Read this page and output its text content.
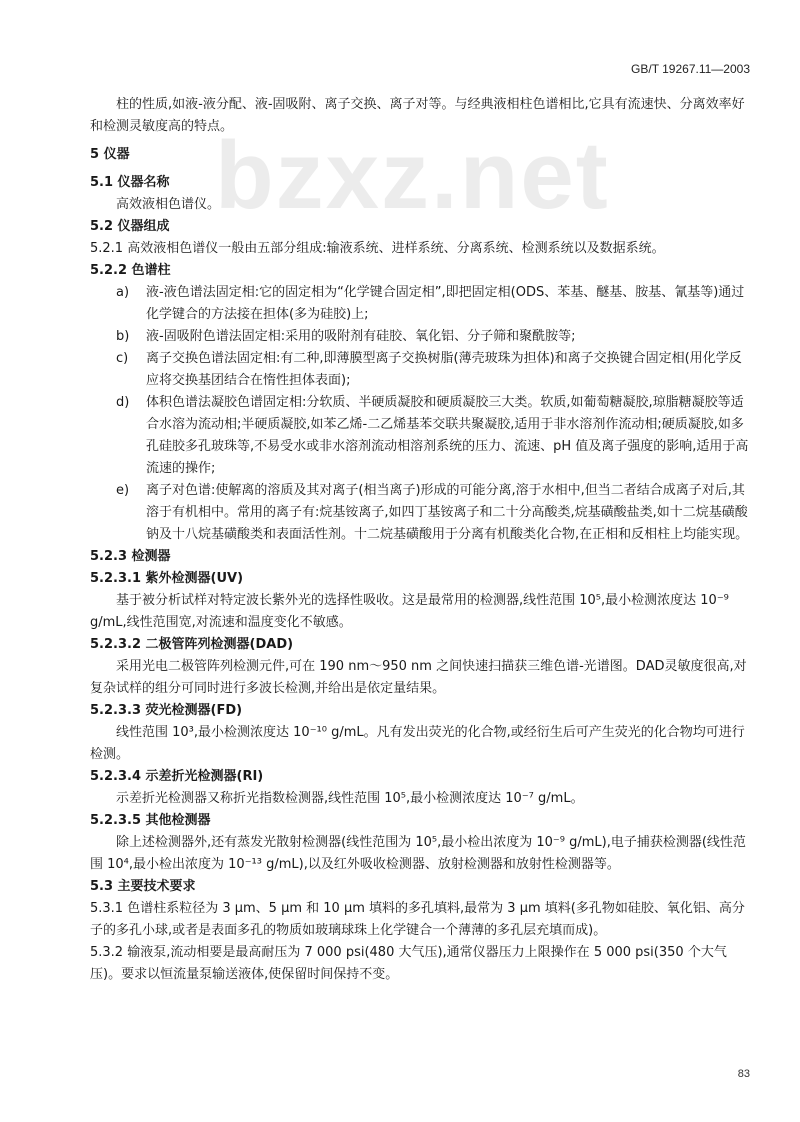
GB/T 19267.11—2003
bzxz.net

柱的性质,如液-液分配、液-固吸附、离子交换、离子对等。与经典液相柱色谱相比,它具有流速快、分离效率好和检测灵敏度高的特点。

5 仪器

5.1 仪器名称

高效液相色谱仪。

5.2 仪器组成

5.2.1 高效液相色谱仪一般由五部分组成:输液系统、进样系统、分离系统、检测系统以及数据系统。

5.2.2 色谱柱

a)	液-液色谱法固定相:它的固定相为“化学键合固定相”,即把固定相(ODS、苯基、醚基、胺基、氰基等)通过化学键合的方法接在担体(多为硅胶)上;
b)	液-固吸附色谱法固定相:采用的吸附剂有硅胶、氧化铝、分子筛和聚酰胺等;
c)	离子交换色谱法固定相:有二种,即薄膜型离子交换树脂(薄壳玻珠为担体)和离子交换键合固定相(用化学反应将交换基团结合在惰性担体表面);
d)	体积色谱法凝胶色谱固定相:分软质、半硬质凝胶和硬质凝胶三大类。软质,如葡萄糖凝胶,琼脂糖凝胶等适合水溶为流动相;半硬质凝胶,如苯乙烯-二乙烯基苯交联共聚凝胶,适用于非水溶剂作流动相;硬质凝胶,如多孔硅胶多孔玻珠等,不易受水或非水溶剂流动相溶剂系统的压力、流速、pH 值及离子强度的影响,适用于高流速的操作;
e)	离子对色谱:使解离的溶质及其对离子(相当离子)形成的可能分离,溶于水相中,但当二者结合成离子对后,其溶于有机相中。常用的离子有:烷基铵离子,如四丁基铵离子和二十分高酸类,烷基磺酸盐类,如十二烷基磺酸钠及十八烷基磺酸类和表面活性剂。十二烷基磺酸用于分离有机酸类化合物,在正相和反相柱上均能实现。

5.2.3 检测器

5.2.3.1 紫外检测器(UV)

基于被分析试样对特定波长紫外光的选择性吸收。这是最常用的检测器,线性范围 10⁵,最小检测浓度达 10⁻⁹ g/mL,线性范围宽,对流速和温度变化不敏感。

5.2.3.2 二极管阵列检测器(DAD)

采用光电二极管阵列检测元件,可在 190 nm～950 nm 之间快速扫描获三维色谱-光谱图。DAD灵敏度很高,对复杂试样的组分可同时进行多波长检测,并给出是依定量结果。

5.2.3.3 荧光检测器(FD)

线性范围 10³,最小检测浓度达 10⁻¹⁰ g/mL。凡有发出荧光的化合物,或经衍生后可产生荧光的化合物均可进行检测。

5.2.3.4 示差折光检测器(RI)

示差折光检测器又称折光指数检测器,线性范围 10⁵,最小检测浓度达 10⁻⁷ g/mL。

5.2.3.5 其他检测器

除上述检测器外,还有蒸发光散射检测器(线性范围为 10⁵,最小检出浓度为 10⁻⁹ g/mL),电子捕获检测器(线性范围 10⁴,最小检出浓度为 10⁻¹³ g/mL),以及红外吸收检测器、放射检测器和放射性检测器等。

5.3 主要技术要求

5.3.1 色谱柱系粒径为 3 μm、5 μm 和 10 μm 填料的多孔填料,最常为 3 μm 填料(多孔物如硅胶、氧化铝、高分子的多孔小球,或者是表面多孔的物质如玻璃球珠上化学键合一个薄薄的多孔层充填而成)。

5.3.2 输液泵,流动相要是最高耐压为 7 000 psi(480 大气压),通常仪器压力上限操作在 5 000 psi(350 个大气压)。要求以恒流量泵输送液体,使保留时间保持不变。

83
